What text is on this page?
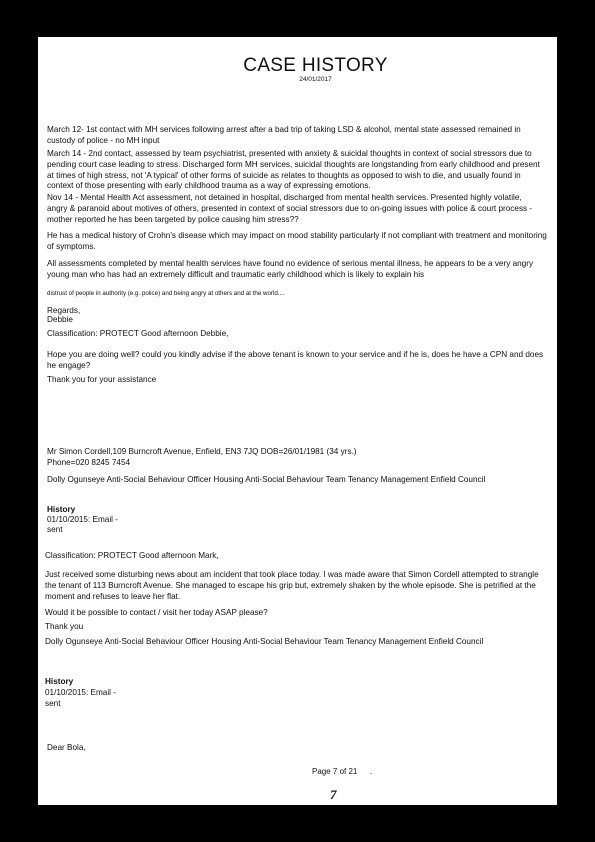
CASE HISTORY
24/01/2017
March 12- 1st contact with MH services following arrest after a bad trip of taking LSD & alcohol, mental state assessed remained in custody of police - no MH input
March 14 - 2nd contact, assessed by team psychiatrist, presented with anxiety & suicidal thoughts in context of social stressors due to pending court case leading to stress. Discharged form MH services, suicidal thoughts are longstanding from early childhood and present at times of high stress, not 'A typical' of other forms of suicide as relates to thoughts as opposed to wish to die, and usually found in context of those presenting with early childhood trauma as a way of expressing emotions.
Nov 14 - Mental Health Act assessment, not detained in hospital, discharged from mental health services. Presented highly volatile, angry & paranoid about motives of others, presented in context of social stressors due to on-going issues with police & court process - mother reported he has been targeted by police causing him stress??
He has a medical history of Crohn's disease which may impact on mood stability particularly if not compliant with treatment and monitoring of symptoms.
All assessments completed by mental health services have found no evidence of serious mental illness, he appears to be a very angry young man who has had an extremely difficult and traumatic early childhood which is likely to explain his
distrust of people in authority (e.g. police) and being angry at others and at the world....
Regards,
Debbie
Classification: PROTECT Good afternoon Debbie,
Hope you are doing well? could you kindly advise if the above tenant is known to your service and if he is, does he have a CPN and does he engage?
Thank you for your assistance
Mr Simon Cordell,109 Burncroft Avenue, Enfield, EN3 7JQ DOB=26/01/1981 (34 yrs.)
Phone=020 8245 7454
Dolly Ogunseye Anti-Social Behaviour Officer Housing Anti-Social Behaviour Team Tenancy Management Enfield Council
History
01/10/2015: Email -
sent
Classification: PROTECT Good afternoon Mark,
Just received some disturbing news about am incident that took place today. I was made aware that Simon Cordell attempted to strangle the tenant of 113 Burncroft Avenue. She managed to escape his grip but, extremely shaken by the whole episode. She is petrified at the moment and refuses to leave her flat.
Would it be possible to contact / visit her today ASAP please?
Thank you
Dolly Ogunseye Anti-Social Behaviour Officer Housing Anti-Social Behaviour Team Tenancy Management Enfield Council
History
01/10/2015: Email -
sent
Dear Bola,
Page 7 of 21 .
7
